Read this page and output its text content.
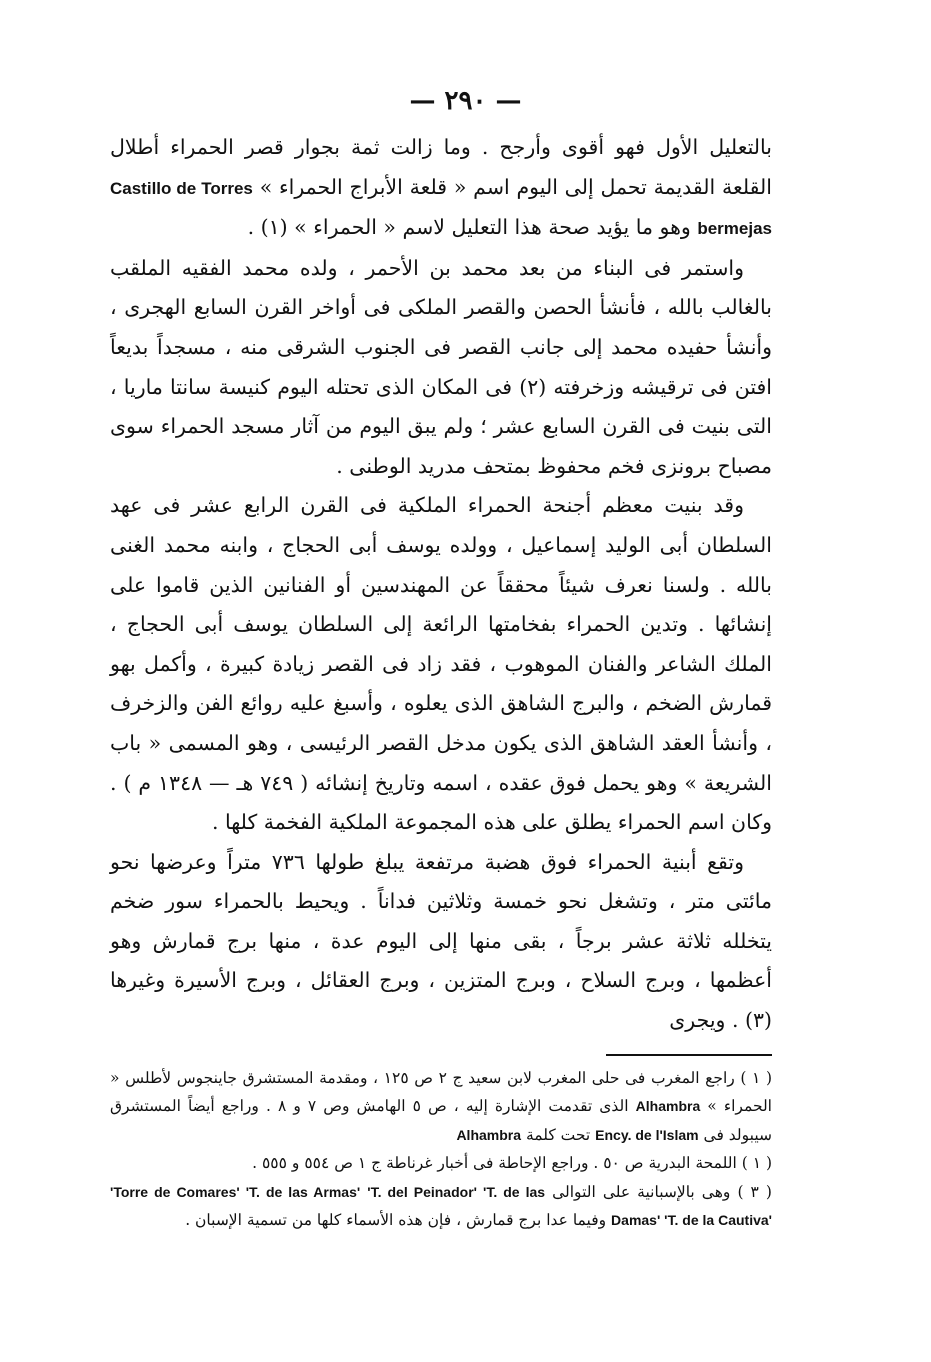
— ٢٩٠ —

بالتعليل الأول فهو أقوى وأرجح . وما زالت ثمة بجوار قصر الحمراء أطلال القلعة القديمة تحمل إلى اليوم اسم « قلعة الأبراج الحمراء » Castillo de Torres bermejas وهو ما يؤيد صحة هذا التعليل لاسم « الحمراء » (١) .

واستمر فى البناء من بعد محمد بن الأحمر ، ولده محمد الفقيه الملقب بالغالب بالله ، فأنشأ الحصن والقصر الملكى فى أواخر القرن السابع الهجرى ، وأنشأ حفيده محمد إلى جانب القصر فى الجنوب الشرقى منه ، مسجداً بديعاً افتن فى ترقيشه وزخرفته (٢) فى المكان الذى تحتله اليوم كنيسة سانتا ماريا ، التى بنيت فى القرن السابع عشر ؛ ولم يبق اليوم من آثار مسجد الحمراء سوى مصباح برونزى فخم محفوظ بمتحف مدريد الوطنى .

وقد بنيت معظم أجنحة الحمراء الملكية فى القرن الرابع عشر فى عهد السلطان أبى الوليد إسماعيل ، وولده يوسف أبى الحجاج ، وابنه محمد الغنى بالله . ولسنا نعرف شيئاً محققاً عن المهندسين أو الفنانين الذين قاموا على إنشائها . وتدين الحمراء بفخامتها الرائعة إلى السلطان يوسف أبى الحجاج ، الملك الشاعر والفنان الموهوب ، فقد زاد فى القصر زيادة كبيرة ، وأكمل بهو قمارش الضخم ، والبرج الشاهق الذى يعلوه ، وأسبغ عليه روائع الفن والزخرف ، وأنشأ العقد الشاهق الذى يكون مدخل القصر الرئيسى ، وهو المسمى « باب الشريعة » وهو يحمل فوق عقده ، اسمه وتاريخ إنشائه ( ٧٤٩ هـ — ١٣٤٨ م ) . وكان اسم الحمراء يطلق على هذه المجموعة الملكية الفخمة كلها .

وتقع أبنية الحمراء فوق هضبة مرتفعة يبلغ طولها ٧٣٦ متراً وعرضها نحو مائتى متر ، وتشغل نحو خمسة وثلاثين فداناً . ويحيط بالحمراء سور ضخم يتخلله ثلاثة عشر برجاً ، بقى منها إلى اليوم عدة ، منها برج قمارش وهو أعظمها ، وبرج السلاح ، وبرج المتزين ، وبرج العقائل ، وبرج الأسيرة وغيرها (٣) . ويجرى

( ١ ) راجع المغرب فى حلى المغرب لابن سعيد ج ٢ ص ١٢٥ ، ومقدمة المستشرق جاينجوس لأطلس « الحمراء » Alhambra الذى تقدمت الإشارة إليه ، ص ٥ الهامش وص ٧ و ٨ . وراجع أيضاً المستشرق سيبولد فى Ency. de l'Islam تحت كلمة Alhambra

( ١ ) اللمحة البدرية ص ٥٠ . وراجع الإحاطة فى أخبار غرناطة ج ١ ص ٥٥٤ و ٥٥٥ .

( ٣ ) وهى بالإسبانية على التوالى 'Torre de Comares' 'T. de las Armas' 'T. del Peinador' 'T. de las Damas' 'T. de la Cautiva' وفيما عدا برج قمارش ، فإن هذه الأسماء كلها من تسمية الإسبان .
